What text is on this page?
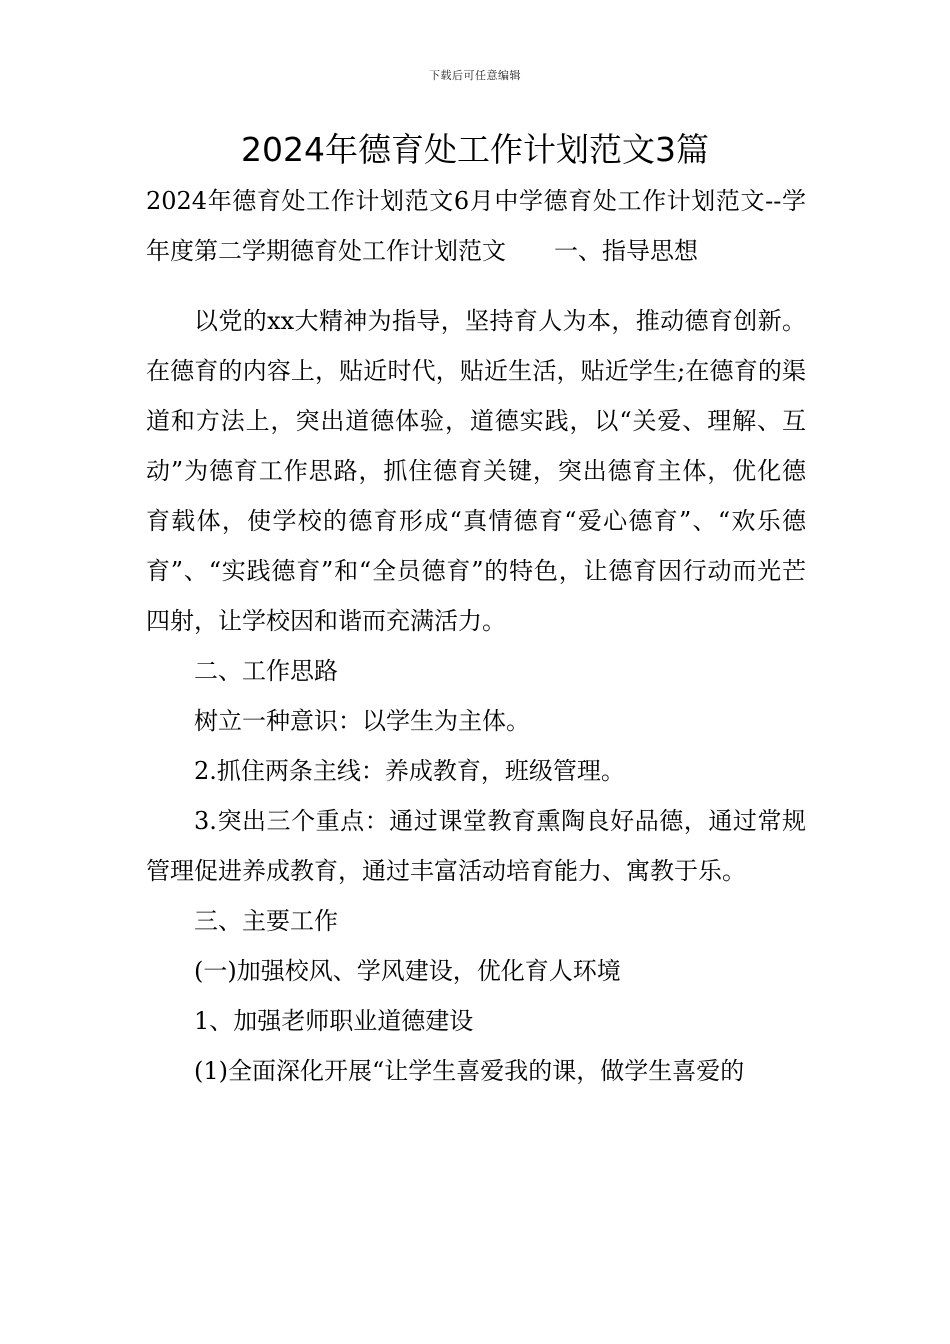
下载后可任意编辑
2024年德育处工作计划范文3篇

2024年德育处工作计划范文6月中学德育处工作计划范文--学年度第二学期德育处工作计划范文　　一、指导思想

以党的xx大精神为指导，坚持育人为本，推动德育创新。在德育的内容上，贴近时代，贴近生活，贴近学生;在德育的渠道和方法上，突出道德体验，道德实践，以“关爱、理解、互动”为德育工作思路，抓住德育关键，突出德育主体，优化德育载体，使学校的德育形成“真情德育“爱心德育”、“欢乐德育”、“实践德育”和“全员德育”的特色，让德育因行动而光芒四射，让学校因和谐而充满活力。

二、工作思路

树立一种意识：以学生为主体。

2.抓住两条主线：养成教育，班级管理。

3.突出三个重点：通过课堂教育熏陶良好品德，通过常规管理促进养成教育，通过丰富活动培育能力、寓教于乐。

三、主要工作

(一)加强校风、学风建设，优化育人环境

1、加强老师职业道德建设

(1)全面深化开展“让学生喜爱我的课，做学生喜爱的
